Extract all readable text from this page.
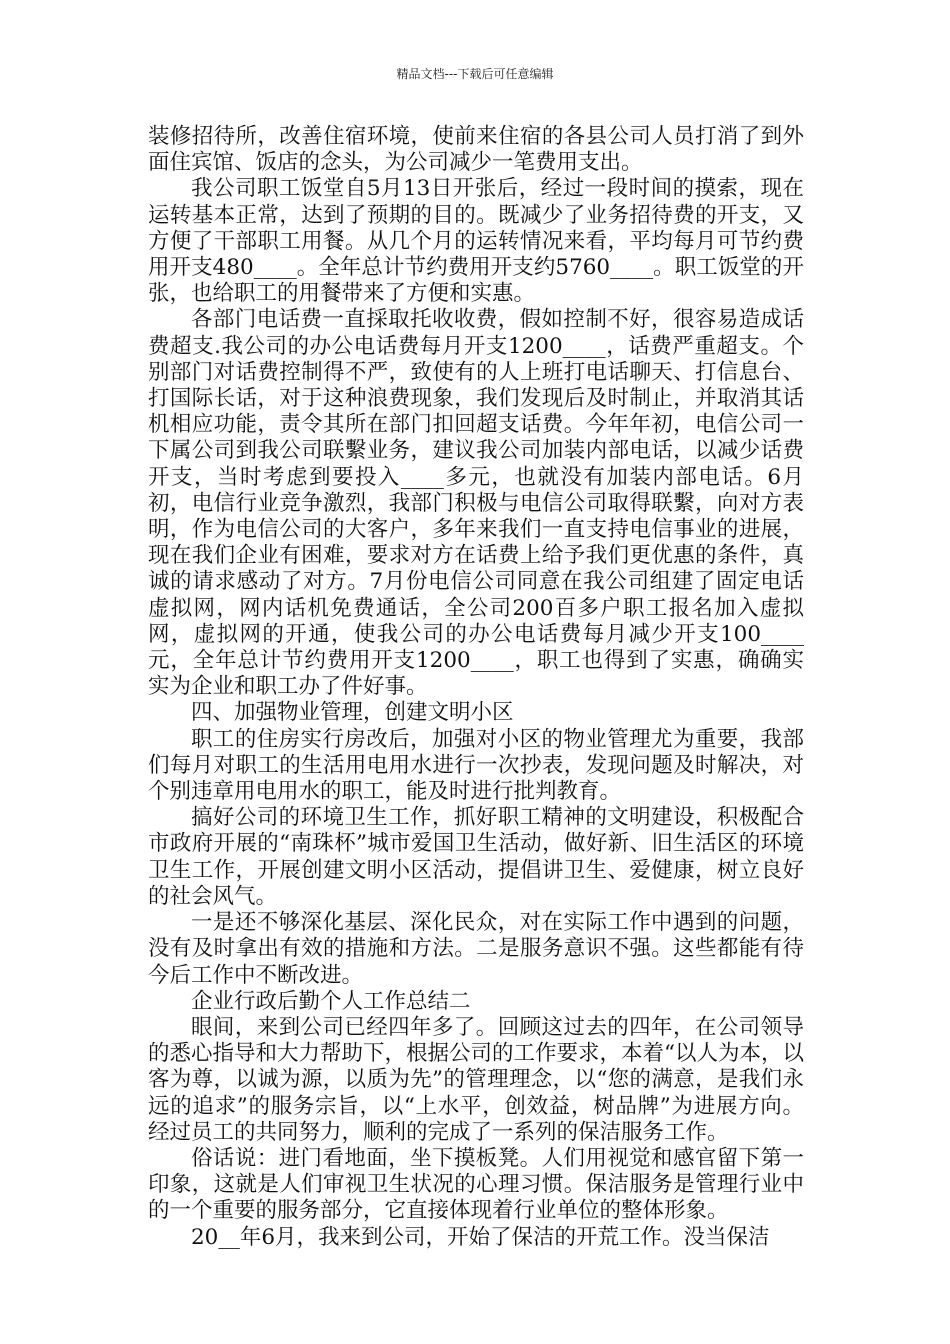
精品文档---下载后可任意编辑

装修招待所，改善住宿环境，使前来住宿的各县公司人员打消了到外面住宾馆、饭店的念头，为公司减少一笔费用支出。

我公司职工饭堂自5月13日开张后，经过一段时间的摸索，现在运转基本正常，达到了预期的目的。既减少了业务招待费的开支，又方便了干部职工用餐。从几个月的运转情况来看，平均每月可节约费用开支480____。全年总计节约费用开支约5760____。职工饭堂的开张，也给职工的用餐带来了方便和实惠。

各部门电话费一直採取托收收费，假如控制不好，很容易造成话费超支.我公司的办公电话费每月开支1200____，话费严重超支。个别部门对话费控制得不严，致使有的人上班打电话聊天、打信息台、打国际长话，对于这种浪费现象，我们发现后及时制止，并取消其话机相应功能，责令其所在部门扣回超支话费。今年年初，电信公司一下属公司到我公司联繫业务，建议我公司加装内部电话，以减少话费开支，当时考虑到要投入____多元，也就没有加装内部电话。6月初，电信行业竞争激烈，我部门积极与电信公司取得联繫，向对方表明，作为电信公司的大客户，多年来我们一直支持电信事业的进展，现在我们企业有困难，要求对方在话费上给予我们更优惠的条件，真诚的请求感动了对方。7月份电信公司同意在我公司组建了固定电话虚拟网，网内话机免费通话，全公司200百多户职工报名加入虚拟网，虚拟网的开通，使我公司的办公电话费每月减少开支100____元，全年总计节约费用开支1200____，职工也得到了实惠，确确实实为企业和职工办了件好事。

四、加强物业管理，创建文明小区

职工的住房实行房改后，加强对小区的物业管理尤为重要，我部们每月对职工的生活用电用水进行一次抄表，发现问题及时解决，对个别违章用电用水的职工，能及时进行批判教育。

搞好公司的环境卫生工作，抓好职工精神的文明建设，积极配合市政府开展的“南珠杯”城市爱国卫生活动，做好新、旧生活区的环境卫生工作，开展创建文明小区活动，提倡讲卫生、爱健康，树立良好的社会风气。

一是还不够深化基层、深化民众，对在实际工作中遇到的问题，没有及时拿出有效的措施和方法。二是服务意识不强。这些都能有待今后工作中不断改进。

企业行政后勤个人工作总结二

眼间，来到公司已经四年多了。回顾这过去的四年，在公司领导的悉心指导和大力帮助下，根据公司的工作要求，本着“以人为本，以客为尊，以诚为源，以质为先”的管理理念，以“您的满意，是我们永远的追求”的服务宗旨，以“上水平，创效益，树品牌”为进展方向。经过员工的共同努力，顺利的完成了一系列的保洁服务工作。

俗话说：进门看地面，坐下摸板凳。人们用视觉和感官留下第一印象，这就是人们审视卫生状况的心理习惯。保洁服务是管理行业中的一个重要的服务部分，它直接体现着行业单位的整体形象。

20__年6月，我来到公司，开始了保洁的开荒工作。没当保洁
